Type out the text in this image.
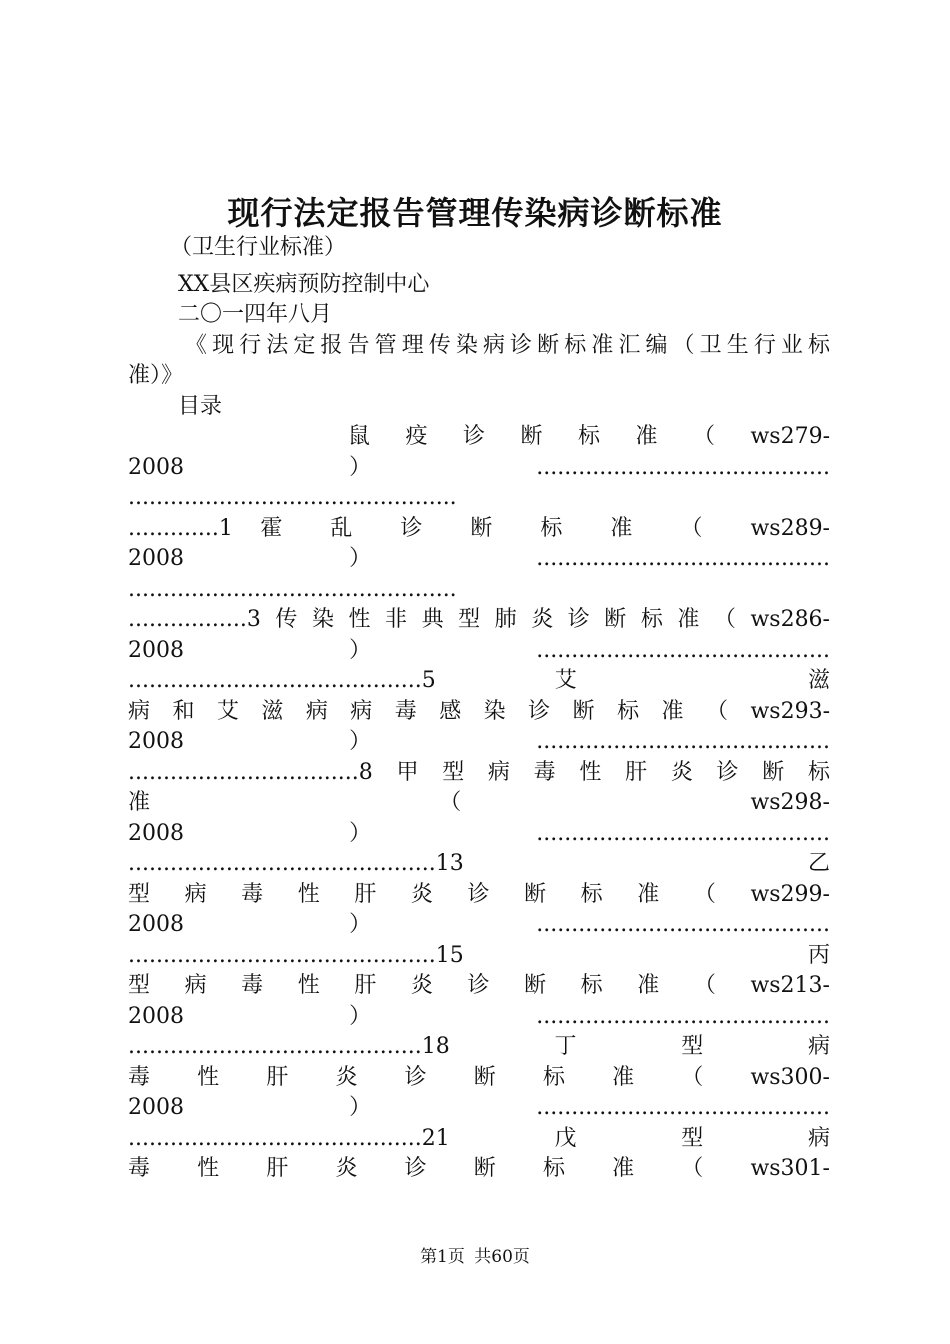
现行法定报告管理传染病诊断标准
（卫生行业标准）
XX县区疾病预防控制中心
二〇一四年八月
《现行法定报告管理传染病诊断标准汇编（卫生行业标
准）》
目录
鼠 疫 诊 断 标 准 （ ws279-
2008）..........................................
...............................................
.............1 霍 乱 诊 断 标 准 （ ws289-
2008）..........................................
...............................................
.................3传染性非典型肺炎诊断标准（ws286-
2008）..........................................
..........................................5 艾 滋
病 和 艾 滋 病 病 毒 感 染 诊 断 标 准 （ ws293-
2008）..........................................
.................................8甲型病毒性肝炎诊断标
准 （ ws298-
2008）..........................................
............................................13 乙
型 病 毒 性 肝 炎 诊 断 标 准 （ ws299-
2008）..........................................
............................................15 丙
型 病 毒 性 肝 炎 诊 断 标 准 （ ws213-
2008）..........................................
..........................................18丁型病
毒 性 肝 炎 诊 断 标 准 （ ws300-
2008）..........................................
..........................................21戊型病
毒 性 肝 炎 诊 断 标 准 （ ws301-
第1页 共60页
